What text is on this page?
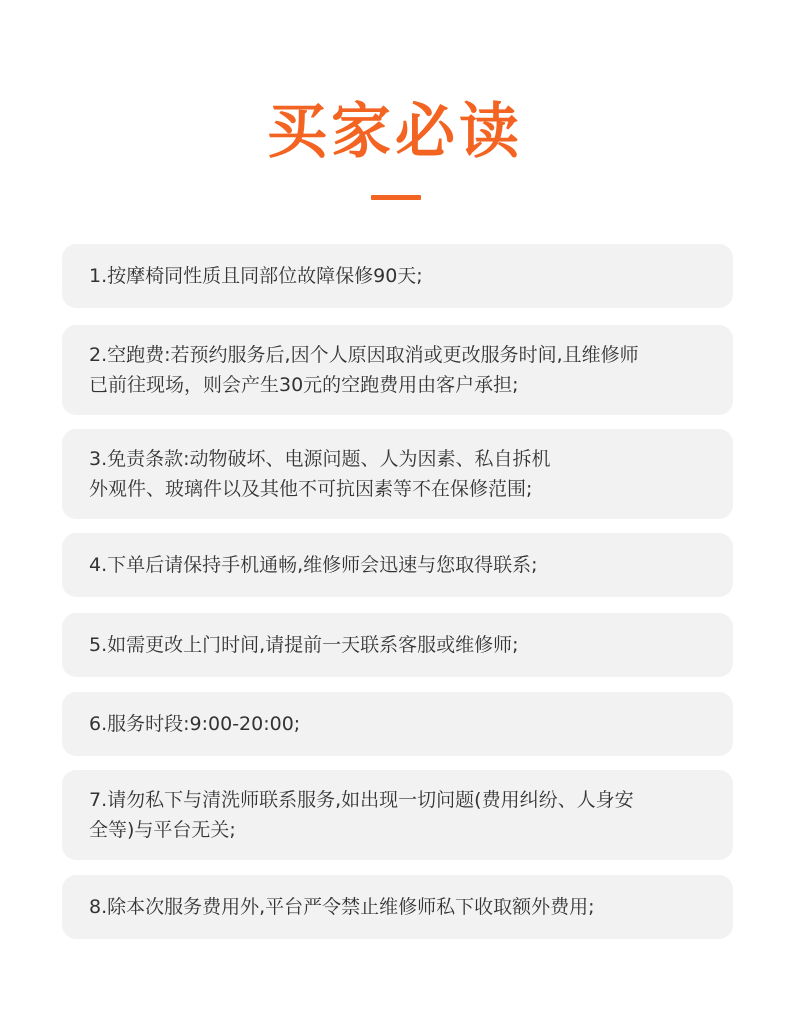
买家必读
1.按摩椅同性质且同部位故障保修90天;
2.空跑费:若预约服务后,因个人原因取消或更改服务时间,且维修师
已前往现场，则会产生30元的空跑费用由客户承担;
3.免责条款:动物破坏、电源问题、人为因素、私自拆机
外观件、玻璃件以及其他不可抗因素等不在保修范围;
4.下单后请保持手机通畅,维修师会迅速与您取得联系;
5.如需更改上门时间,请提前一天联系客服或维修师;
6.服务时段:9:00-20:00;
7.请勿私下与清洗师联系服务,如出现一切问题(费用纠纷、人身安
全等)与平台无关;
8.除本次服务费用外,平台严令禁止维修师私下收取额外费用;
